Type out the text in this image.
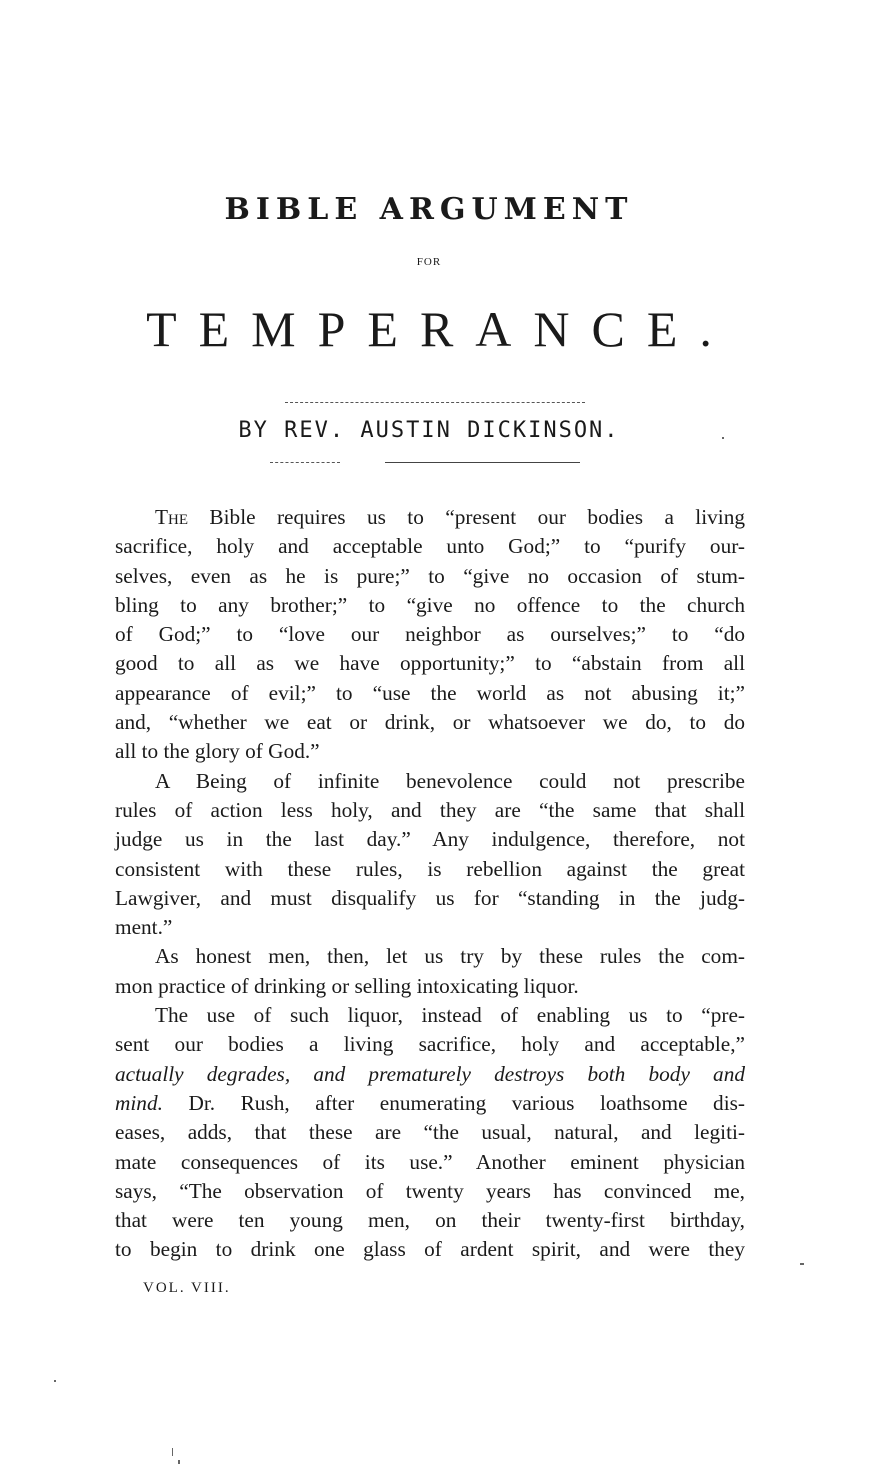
BIBLE ARGUMENT
FOR
TEMPERANCE.
BY REV. AUSTIN DICKINSON.
The Bible requires us to “present our bodies a living
sacrifice, holy and acceptable unto God;” to “purify our-
selves, even as he is pure;” to “give no occasion of stum-
bling to any brother;” to “give no offence to the church
of God;” to “love our neighbor as ourselves;” to “do
good to all as we have opportunity;” to “abstain from all
appearance of evil;” to “use the world as not abusing it;”
and, “whether we eat or drink, or whatsoever we do, to do
all to the glory of God.”
A Being of infinite benevolence could not prescribe
rules of action less holy, and they are “the same that shall
judge us in the last day.” Any indulgence, therefore, not
consistent with these rules, is rebellion against the great
Lawgiver, and must disqualify us for “standing in the judg-
ment.”
As honest men, then, let us try by these rules the com-
mon practice of drinking or selling intoxicating liquor.
The use of such liquor, instead of enabling us to “pre-
sent our bodies a living sacrifice, holy and acceptable,”
actually degrades, and prematurely destroys both body and
mind. Dr. Rush, after enumerating various loathsome dis-
eases, adds, that these are “the usual, natural, and legiti-
mate consequences of its use.” Another eminent physician
says, “The observation of twenty years has convinced me,
that were ten young men, on their twenty-first birthday,
to begin to drink one glass of ardent spirit, and were they
VOL. VIII.
